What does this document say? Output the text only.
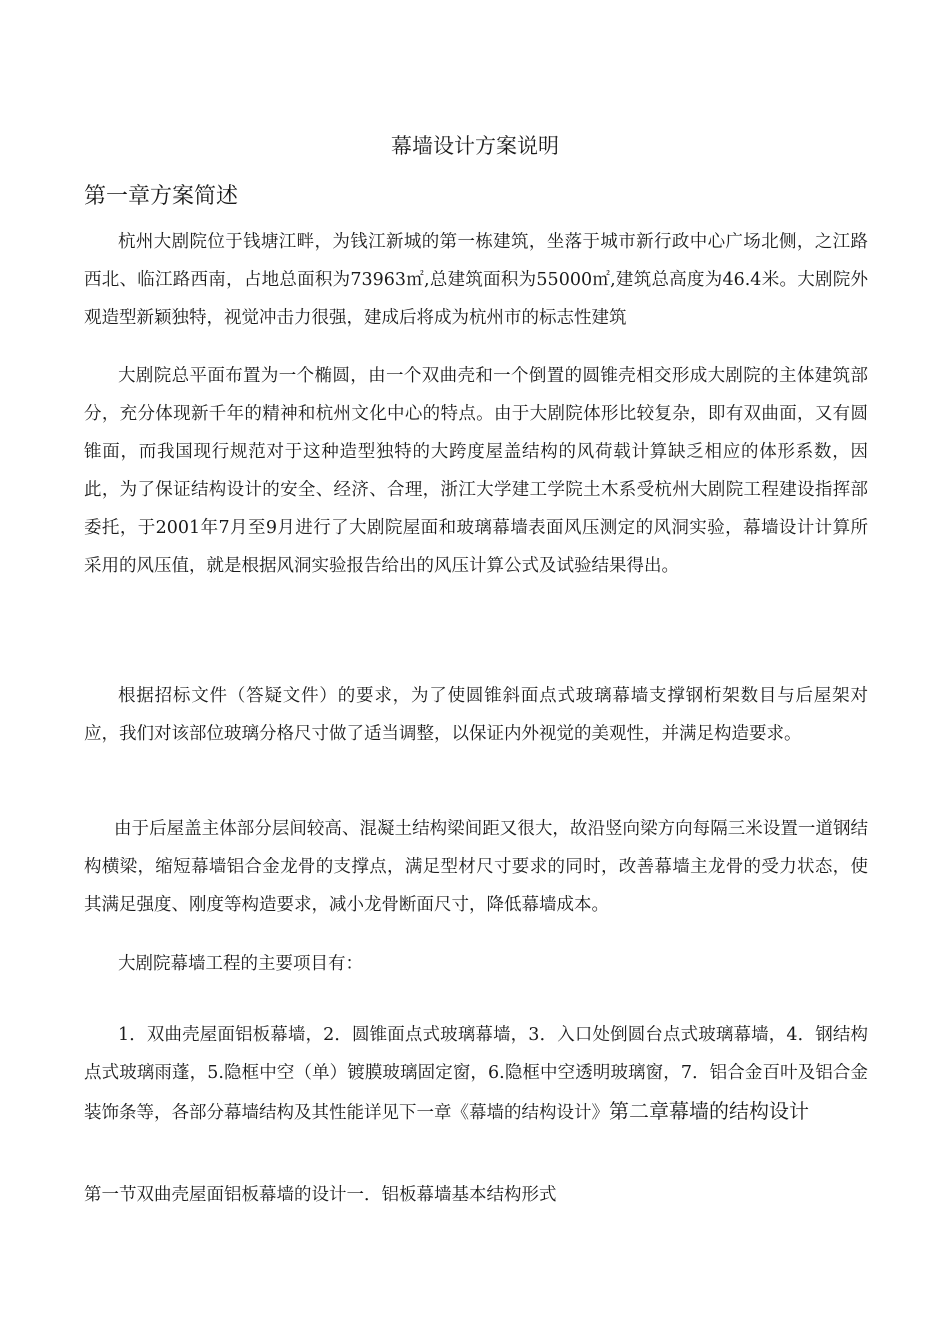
幕墙设计方案说明
第一章方案简述

杭州大剧院位于钱塘江畔，为钱江新城的第一栋建筑，坐落于城市新行政中心广场北侧，之江路西北、临江路西南，占地总面积为73963㎡,总建筑面积为55000㎡,建筑总高度为46.4米。大剧院外观造型新颖独特，视觉冲击力很强，建成后将成为杭州市的标志性建筑

大剧院总平面布置为一个椭圆，由一个双曲壳和一个倒置的圆锥壳相交形成大剧院的主体建筑部分，充分体现新千年的精神和杭州文化中心的特点。由于大剧院体形比较复杂，即有双曲面，又有圆锥面，而我国现行规范对于这种造型独特的大跨度屋盖结构的风荷载计算缺乏相应的体形系数，因此，为了保证结构设计的安全、经济、合理，浙江大学建工学院土木系受杭州大剧院工程建设指挥部委托，于2001年7月至9月进行了大剧院屋面和玻璃幕墙表面风压测定的风洞实验，幕墙设计计算所采用的风压值，就是根据风洞实验报告给出的风压计算公式及试验结果得出。

根据招标文件（答疑文件）的要求，为了使圆锥斜面点式玻璃幕墙支撑钢桁架数目与后屋架对应，我们对该部位玻璃分格尺寸做了适当调整，以保证内外视觉的美观性，并满足构造要求。

由于后屋盖主体部分层间较高、混凝土结构梁间距又很大，故沿竖向梁方向每隔三米设置一道钢结构横梁，缩短幕墙铝合金龙骨的支撑点，满足型材尺寸要求的同时，改善幕墙主龙骨的受力状态，使其满足强度、刚度等构造要求，减小龙骨断面尺寸，降低幕墙成本。

大剧院幕墙工程的主要项目有：

1．双曲壳屋面铝板幕墙，2．圆锥面点式玻璃幕墙，3．入口处倒圆台点式玻璃幕墙，4．钢结构点式玻璃雨蓬，5.隐框中空（单）镀膜玻璃固定窗，6.隐框中空透明玻璃窗，7．铝合金百叶及铝合金装饰条等，各部分幕墙结构及其性能详见下一章《幕墙的结构设计》第二章幕墙的结构设计

第一节双曲壳屋面铝板幕墙的设计一．铝板幕墙基本结构形式
